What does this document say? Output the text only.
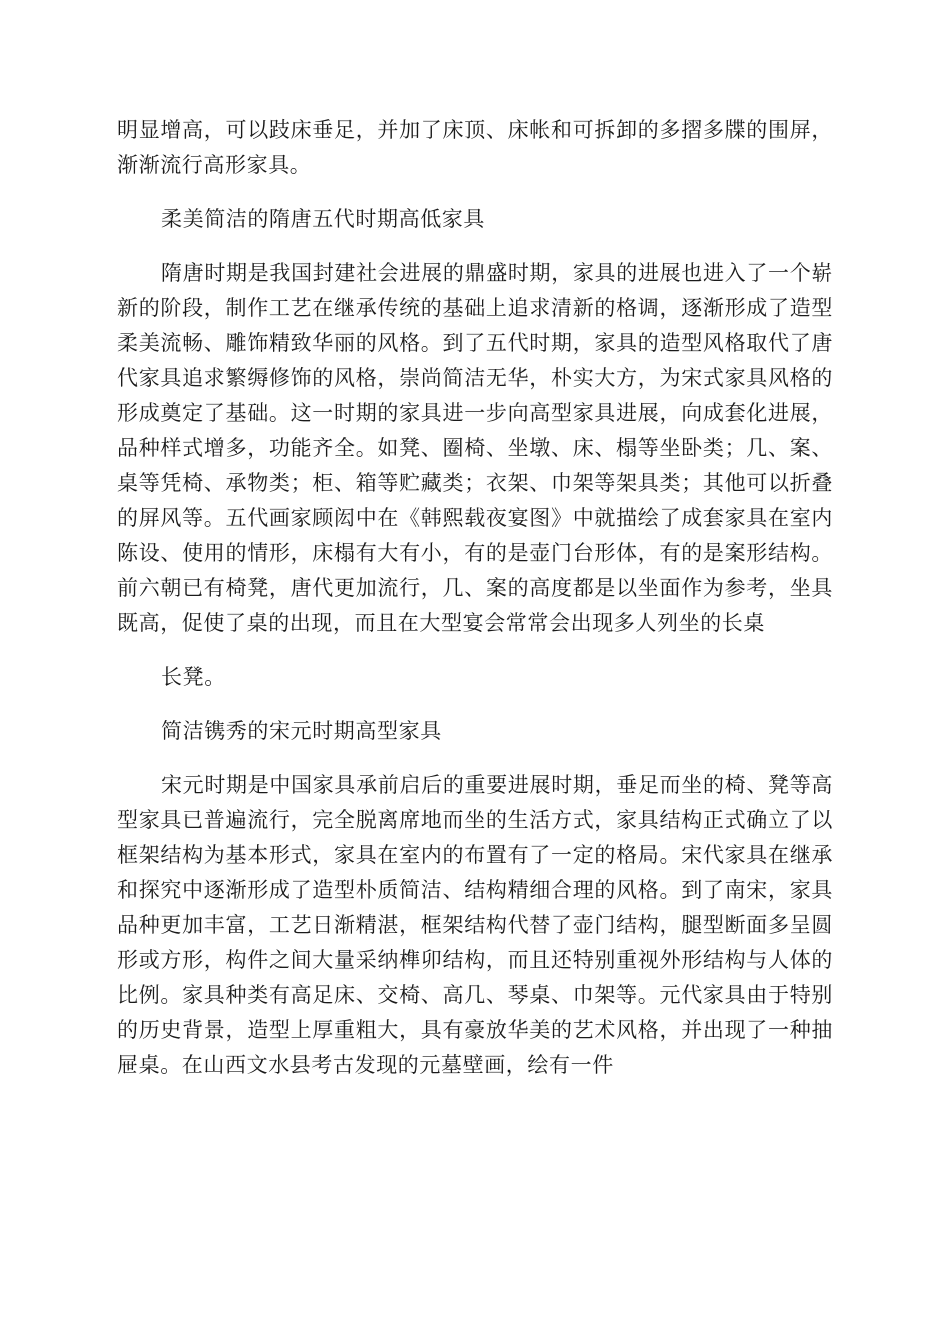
明显增高，可以跂床垂足，并加了床顶、床帐和可拆卸的多摺多牒的围屏，渐渐流行高形家具。

柔美简洁的隋唐五代时期高低家具

隋唐时期是我国封建社会进展的鼎盛时期，家具的进展也进入了一个崭新的阶段，制作工艺在继承传统的基础上追求清新的格调，逐渐形成了造型柔美流畅、雕饰精致华丽的风格。到了五代时期，家具的造型风格取代了唐代家具追求繁缛修饰的风格，崇尚简洁无华，朴实大方，为宋式家具风格的形成奠定了基础。这一时期的家具进一步向高型家具进展，向成套化进展，品种样式增多，功能齐全。如凳、圈椅、坐墩、床、榻等坐卧类；几、案、桌等凭椅、承物类；柜、箱等贮藏类；衣架、巾架等架具类；其他可以折叠的屏风等。五代画家顾闳中在《韩熙载夜宴图》中就描绘了成套家具在室内陈设、使用的情形，床榻有大有小，有的是壶门台形体，有的是案形结构。前六朝已有椅凳，唐代更加流行，几、案的高度都是以坐面作为参考，坐具既高，促使了桌的出现，而且在大型宴会常常会出现多人列坐的长桌

长凳。

简洁镌秀的宋元时期高型家具

宋元时期是中国家具承前启后的重要进展时期，垂足而坐的椅、凳等高型家具已普遍流行，完全脱离席地而坐的生活方式，家具结构正式确立了以框架结构为基本形式，家具在室内的布置有了一定的格局。宋代家具在继承和探究中逐渐形成了造型朴质简洁、结构精细合理的风格。到了南宋，家具品种更加丰富，工艺日渐精湛，框架结构代替了壶门结构，腿型断面多呈圆形或方形，构件之间大量采纳榫卯结构，而且还特别重视外形结构与人体的比例。家具种类有高足床、交椅、高几、琴桌、巾架等。元代家具由于特别的历史背景，造型上厚重粗大，具有豪放华美的艺术风格，并出现了一种抽屉桌。在山西文水县考古发现的元墓壁画，绘有一件
